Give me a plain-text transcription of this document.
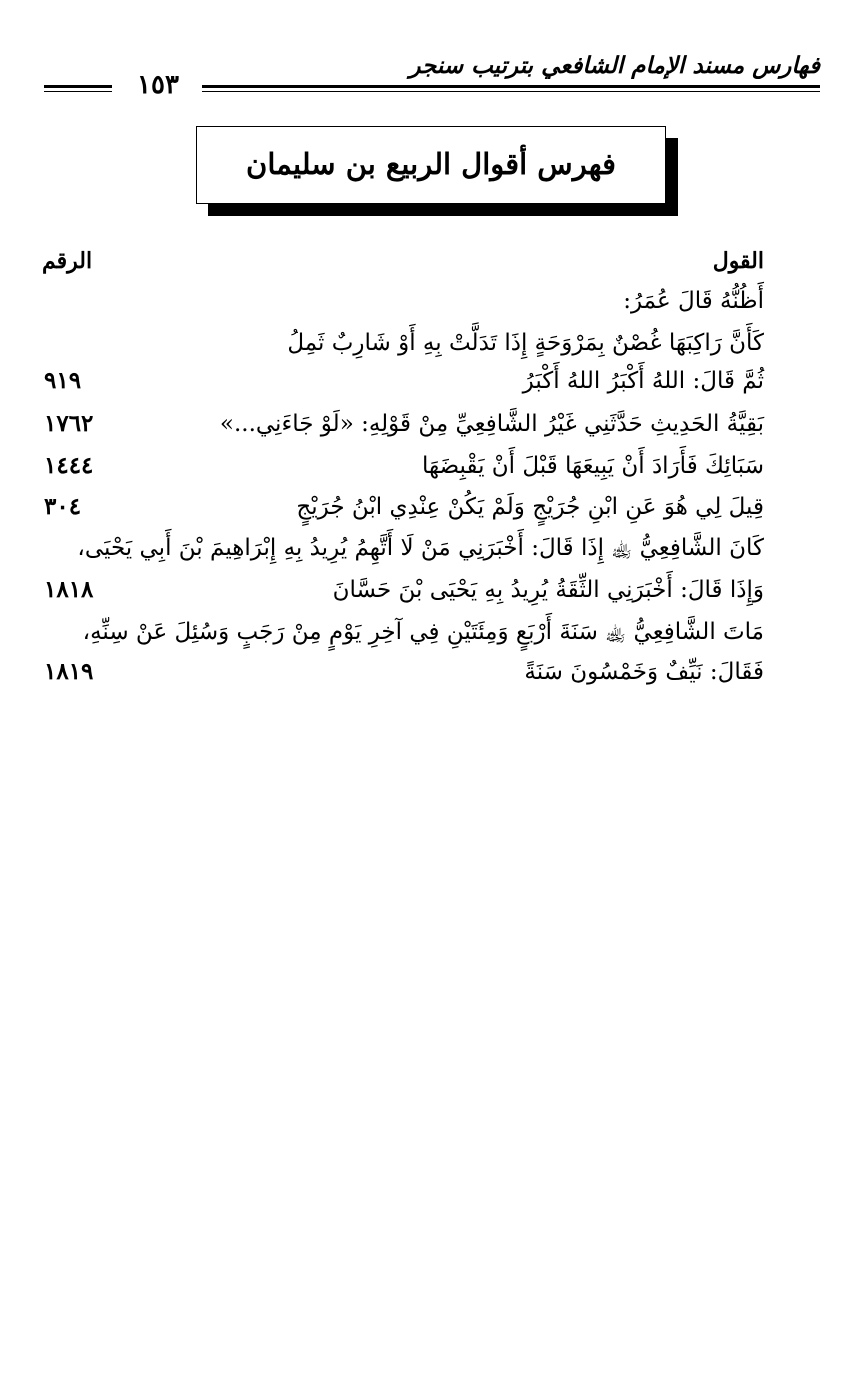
فهارس مسند الإمام الشافعي بترتيب سنجر
١٥٣
فهرس أقوال الربيع بن سليمان
القول
الرقم
أَظُنُّهُ قَالَ عُمَرُ:
كَأَنَّ رَاكِبَهَا غُصْنٌ بِمَرْوَحَةٍ إِذَا تَدَلَّتْ بِهِ أَوْ شَارِبٌ ثَمِلُ
ثُمَّ قَالَ: اللهُ أَكْبَرُ اللهُ أَكْبَرُ
٩١٩
بَقِيَّةُ الحَدِيثِ حَدَّثَنِي غَيْرُ الشَّافِعِيِّ مِنْ قَوْلِهِ: «لَوْ جَاءَنِي...»
١٧٦٢
سَبَائِكَ فَأَرَادَ أَنْ يَبِيعَهَا قَبْلَ أَنْ يَقْبِضَهَا
١٤٤٤
قِيلَ لِي هُوَ عَنِ ابْنِ جُرَيْجٍ وَلَمْ يَكُنْ عِنْدِي ابْنُ جُرَيْجٍ
٣٠٤
كَانَ الشَّافِعِيُّ ﵀ إِذَا قَالَ: أَخْبَرَنِي مَنْ لَا أَتَّهِمُ يُرِيدُ بِهِ إِبْرَاهِيمَ بْنَ أَبِي يَحْيَى،
وَإِذَا قَالَ: أَخْبَرَنِي الثِّقَةُ يُرِيدُ بِهِ يَحْيَى بْنَ حَسَّانَ
١٨١٨
مَاتَ الشَّافِعِيُّ ﵀ سَنَةَ أَرْبَعٍ وَمِئَتَيْنِ فِي آخِرِ يَوْمٍ مِنْ رَجَبٍ وَسُئِلَ عَنْ سِنِّهِ،
فَقَالَ: نَيِّفٌ وَخَمْسُونَ سَنَةً
١٨١٩
